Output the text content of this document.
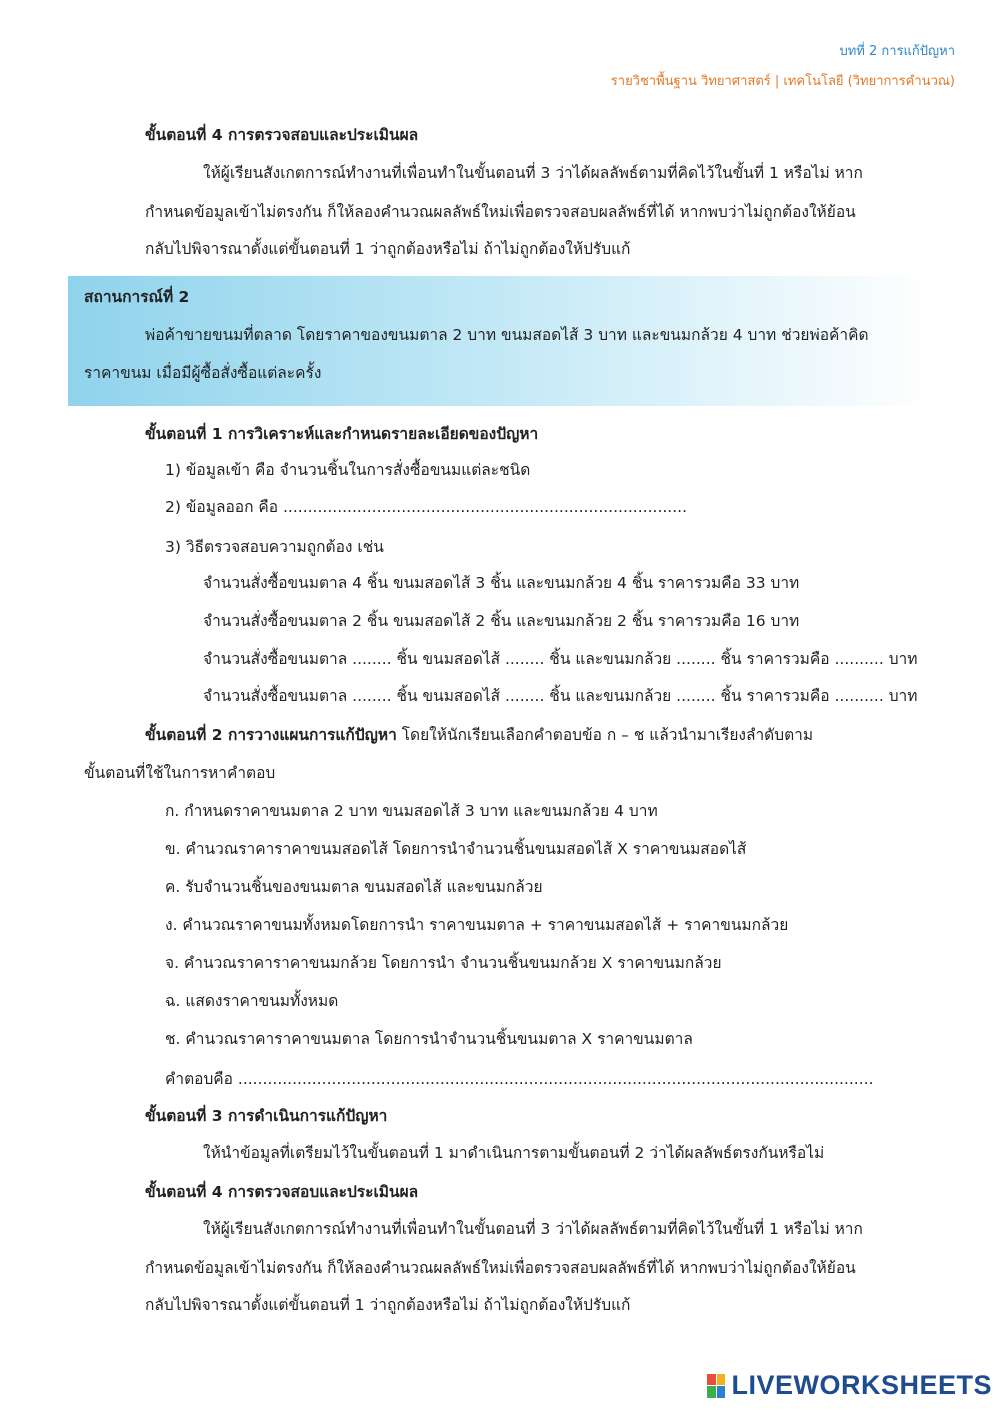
บทที่ 2 การแก้ปัญหา
รายวิชาพื้นฐาน วิทยาศาสตร์ | เทคโนโลยี (วิทยาการคำนวณ)
ขั้นตอนที่ 4 การตรวจสอบและประเมินผล
ให้ผู้เรียนสังเกตการณ์ทำงานที่เพื่อนทำในขั้นตอนที่ 3 ว่าได้ผลลัพธ์ตามที่คิดไว้ในขั้นที่ 1 หรือไม่ หาก
กำหนดข้อมูลเข้าไม่ตรงกัน ก็ให้ลองคำนวณผลลัพธ์ใหม่เพื่อตรวจสอบผลลัพธ์ที่ได้ หากพบว่าไม่ถูกต้องให้ย้อน
กลับไปพิจารณาตั้งแต่ขั้นตอนที่ 1 ว่าถูกต้องหรือไม่ ถ้าไม่ถูกต้องให้ปรับแก้
สถานการณ์ที่ 2
พ่อค้าขายขนมที่ตลาด โดยราคาของขนมตาล 2 บาท ขนมสอดไส้ 3 บาท และขนมกล้วย 4 บาท ช่วยพ่อค้าคิด
ราคาขนม เมื่อมีผู้ซื้อสั่งซื้อแต่ละครั้ง
ขั้นตอนที่ 1 การวิเคราะห์และกำหนดรายละเอียดของปัญหา
1) ข้อมูลเข้า คือ จำนวนชิ้นในการสั่งซื้อขนมแต่ละชนิด
2) ข้อมูลออก คือ ..................................................................................
3) วิธีตรวจสอบความถูกต้อง เช่น
จำนวนสั่งซื้อขนมตาล 4 ชิ้น ขนมสอดไส้ 3 ชิ้น และขนมกล้วย 4 ชิ้น ราคารวมคือ 33 บาท
จำนวนสั่งซื้อขนมตาล 2 ชิ้น ขนมสอดไส้ 2 ชิ้น และขนมกล้วย 2 ชิ้น ราคารวมคือ 16 บาท
จำนวนสั่งซื้อขนมตาล ........ ชิ้น ขนมสอดไส้ ........ ชิ้น และขนมกล้วย ........ ชิ้น ราคารวมคือ .......... บาท
จำนวนสั่งซื้อขนมตาล ........ ชิ้น ขนมสอดไส้ ........ ชิ้น และขนมกล้วย ........ ชิ้น ราคารวมคือ .......... บาท
ขั้นตอนที่ 2 การวางแผนการแก้ปัญหา โดยให้นักเรียนเลือกคำตอบข้อ ก – ช แล้วนำมาเรียงลำดับตาม
ขั้นตอนที่ใช้ในการหาคำตอบ
ก. กำหนดราคาขนมตาล 2 บาท ขนมสอดไส้ 3 บาท และขนมกล้วย 4 บาท
ข. คำนวณราคาราคาขนมสอดไส้ โดยการนำจำนวนชิ้นขนมสอดไส้ X ราคาขนมสอดไส้
ค. รับจำนวนชิ้นของขนมตาล ขนมสอดไส้ และขนมกล้วย
ง. คำนวณราคาขนมทั้งหมดโดยการนำ ราคาขนมตาล + ราคาขนมสอดไส้ + ราคาขนมกล้วย
จ. คำนวณราคาราคาขนมกล้วย โดยการนำ จำนวนชิ้นขนมกล้วย X ราคาขนมกล้วย
ฉ. แสดงราคาขนมทั้งหมด
ช. คำนวณราคาราคาขนมตาล โดยการนำจำนวนชิ้นขนมตาล X ราคาขนมตาล
คำตอบคือ .................................................................................................................................
ขั้นตอนที่ 3 การดำเนินการแก้ปัญหา
ให้นำข้อมูลที่เตรียมไว้ในขั้นตอนที่ 1 มาดำเนินการตามขั้นตอนที่ 2 ว่าได้ผลลัพธ์ตรงกันหรือไม่
ขั้นตอนที่ 4 การตรวจสอบและประเมินผล
ให้ผู้เรียนสังเกตการณ์ทำงานที่เพื่อนทำในขั้นตอนที่ 3 ว่าได้ผลลัพธ์ตามที่คิดไว้ในขั้นที่ 1 หรือไม่ หาก
กำหนดข้อมูลเข้าไม่ตรงกัน ก็ให้ลองคำนวณผลลัพธ์ใหม่เพื่อตรวจสอบผลลัพธ์ที่ได้ หากพบว่าไม่ถูกต้องให้ย้อน
กลับไปพิจารณาตั้งแต่ขั้นตอนที่ 1 ว่าถูกต้องหรือไม่ ถ้าไม่ถูกต้องให้ปรับแก้
LIVEWORKSHEETS
